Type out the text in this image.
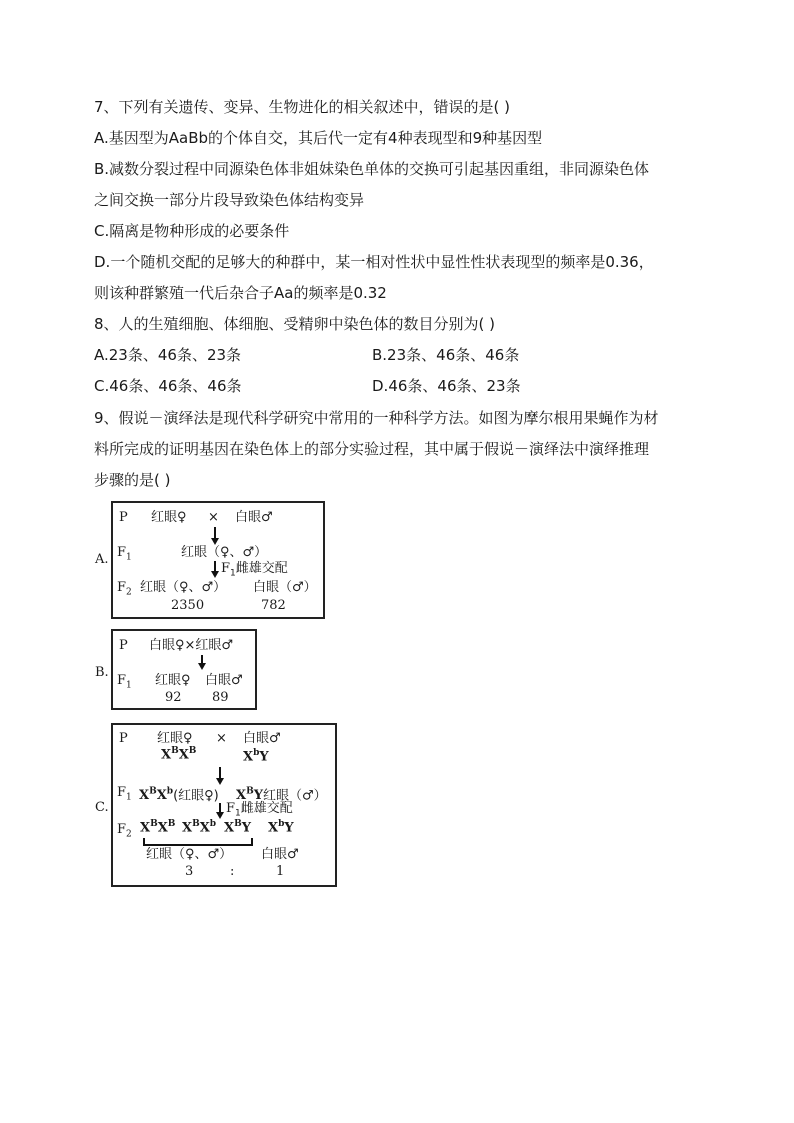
7、下列有关遗传、变异、生物进化的相关叙述中，错误的是( )
A.基因型为AaBb的个体自交，其后代一定有4种表现型和9种基因型
B.减数分裂过程中同源染色体非姐妹染色单体的交换可引起基因重组，非同源染色体
之间交换一部分片段导致染色体结构变异
C.隔离是物种形成的必要条件
D.一个随机交配的足够大的种群中，某一相对性状中显性性状表现型的频率是0.36，
则该种群繁殖一代后杂合子Aa的频率是0.32
8、人的生殖细胞、体细胞、受精卵中染色体的数目分别为( )
A.23条、46条、23条	B.23条、46条、46条
C.46条、46条、46条	D.46条、46条、23条
9、假说－演绎法是现代科学研究中常用的一种科学方法。如图为摩尔根用果蝇作为材
料所完成的证明基因在染色体上的部分实验过程，其中属于假说－演绎法中演绎推理
步骤的是( )
A.
P 红眼♀ × 白眼♂
$F_1$	红眼（♀、♂）
$F_1$雌雄交配
$F_2$ 红眼（♀、♂） 白眼（♂）
2350	782
B.
P 白眼♀×红眼♂
$F_1$ 红眼♀ 白眼♂
92 89
C.
P 红眼♀ × 白眼♂
$X^BX^B$	$X^bY$
$F_1$ $X^BX^b$(红眼♀) $X^BY$红眼（♂）
$F_1$雌雄交配
$F_2$ $X^BX^B$ $X^BX^b$ $X^BY$ $X^bY$
红眼（♀、♂） 白眼♂
3	:	1
